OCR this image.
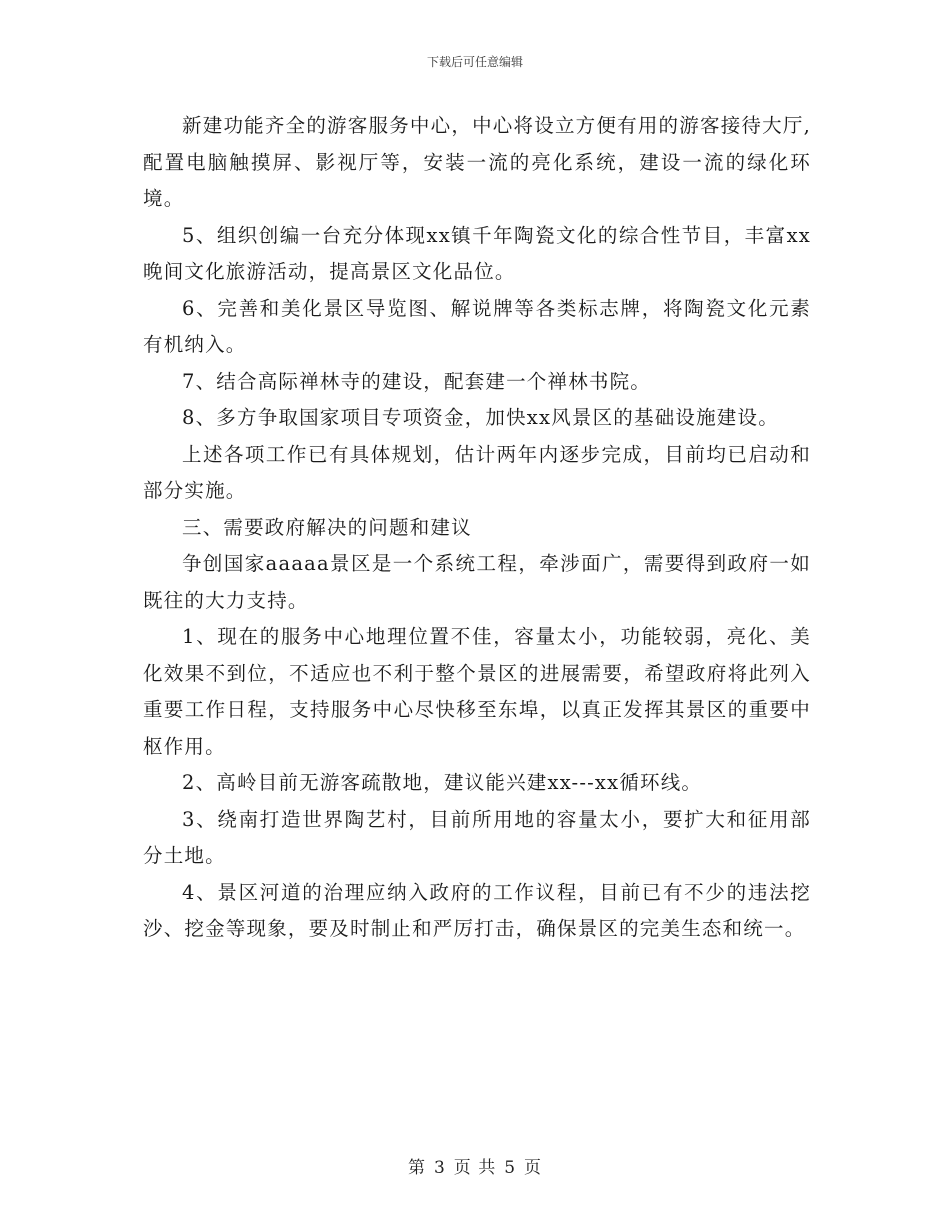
下载后可任意编辑

新建功能齐全的游客服务中心，中心将设立方便有用的游客接待大厅,配置电脑触摸屏、影视厅等，安装一流的亮化系统，建设一流的绿化环境。

5、组织创编一台充分体现xx镇千年陶瓷文化的综合性节目，丰富xx晚间文化旅游活动，提高景区文化品位。

6、完善和美化景区导览图、解说牌等各类标志牌，将陶瓷文化元素有机纳入。

7、结合高际禅林寺的建设，配套建一个禅林书院。

8、多方争取国家项目专项资金，加快xx风景区的基础设施建设。

上述各项工作已有具体规划，估计两年内逐步完成，目前均已启动和部分实施。

三、需要政府解决的问题和建议

争创国家aaaaa景区是一个系统工程，牵涉面广，需要得到政府一如既往的大力支持。

1、现在的服务中心地理位置不佳，容量太小，功能较弱，亮化、美化效果不到位，不适应也不利于整个景区的进展需要，希望政府将此列入重要工作日程，支持服务中心尽快移至东埠，以真正发挥其景区的重要中枢作用。

2、高岭目前无游客疏散地，建议能兴建xx---xx循环线。

3、绕南打造世界陶艺村，目前所用地的容量太小，要扩大和征用部分土地。

4、景区河道的治理应纳入政府的工作议程，目前已有不少的违法挖沙、挖金等现象，要及时制止和严厉打击，确保景区的完美生态和统一。

第 3 页 共 5 页
